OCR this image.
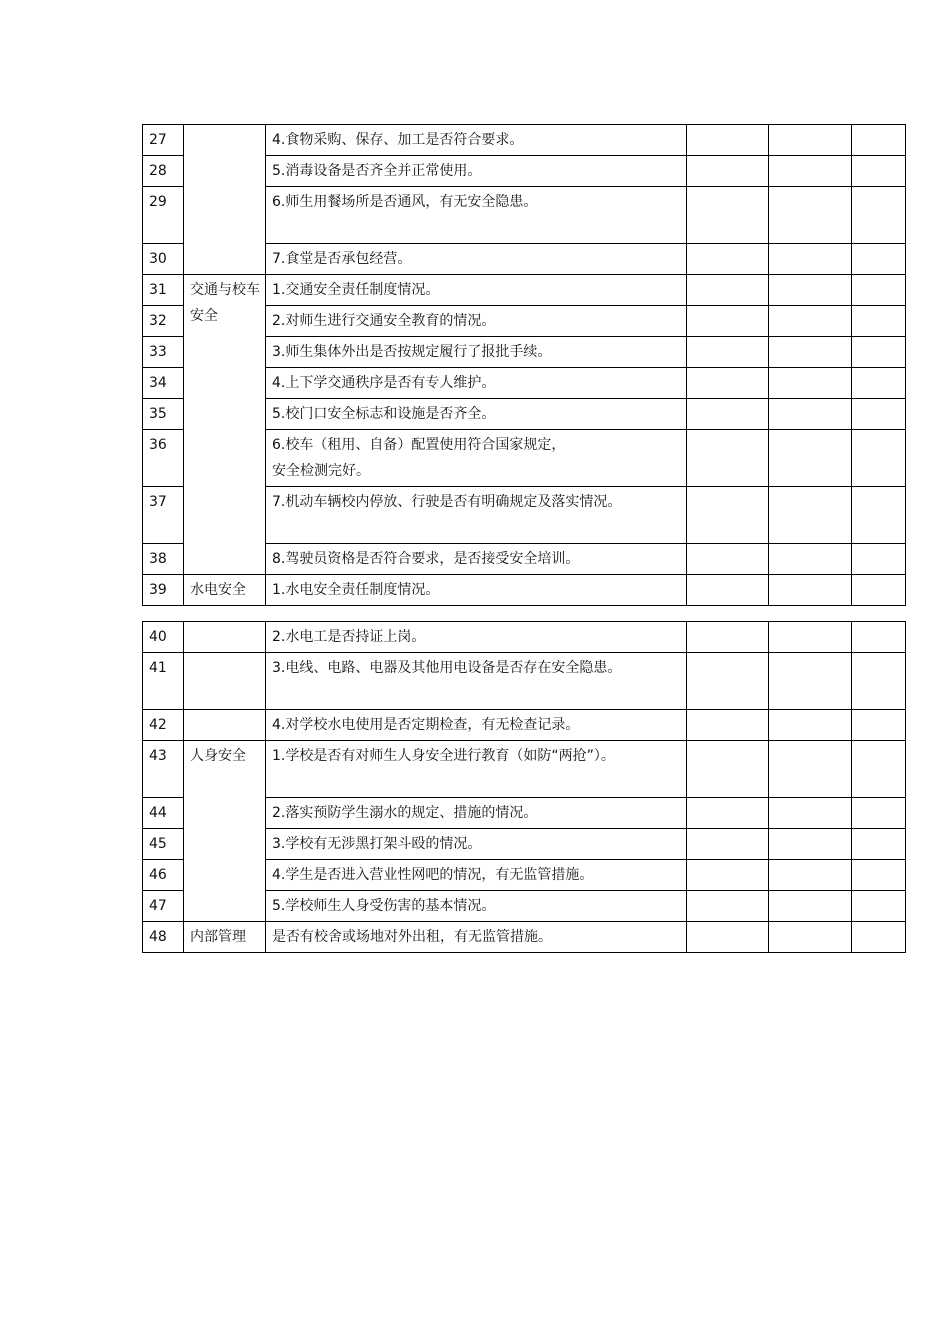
27		4.食物采购、保存、加工是否符合要求。			
28		5.消毒设备是否齐全并正常使用。			
29		6.师生用餐场所是否通风，有无安全隐患。			
30		7.食堂是否承包经营。			
31	交通与校车安全	1.交通安全责任制度情况。			
32		2.对师生进行交通安全教育的情况。			
33		3.师生集体外出是否按规定履行了报批手续。			
34		4.上下学交通秩序是否有专人维护。			
35		5.校门口安全标志和设施是否齐全。			
36		6.校车（租用、自备）配置使用符合国家规定，安全检测完好。			
37		7.机动车辆校内停放、行驶是否有明确规定及落实情况。			
38		8.驾驶员资格是否符合要求，是否接受安全培训。			
39	水电安全	1.水电安全责任制度情况。			
40		2.水电工是否持证上岗。			
41		3.电线、电路、电器及其他用电设备是否存在安全隐患。			
42		4.对学校水电使用是否定期检查，有无检查记录。			
43	人身安全	1.学校是否有对师生人身安全进行教育（如防“两抢”）。			
44		2.落实预防学生溺水的规定、措施的情况。			
45		3.学校有无涉黑打架斗殴的情况。			
46		4.学生是否进入营业性网吧的情况，有无监管措施。			
47		5.学校师生人身受伤害的基本情况。			
48	内部管理	是否有校舍或场地对外出租，有无监管措施。			
